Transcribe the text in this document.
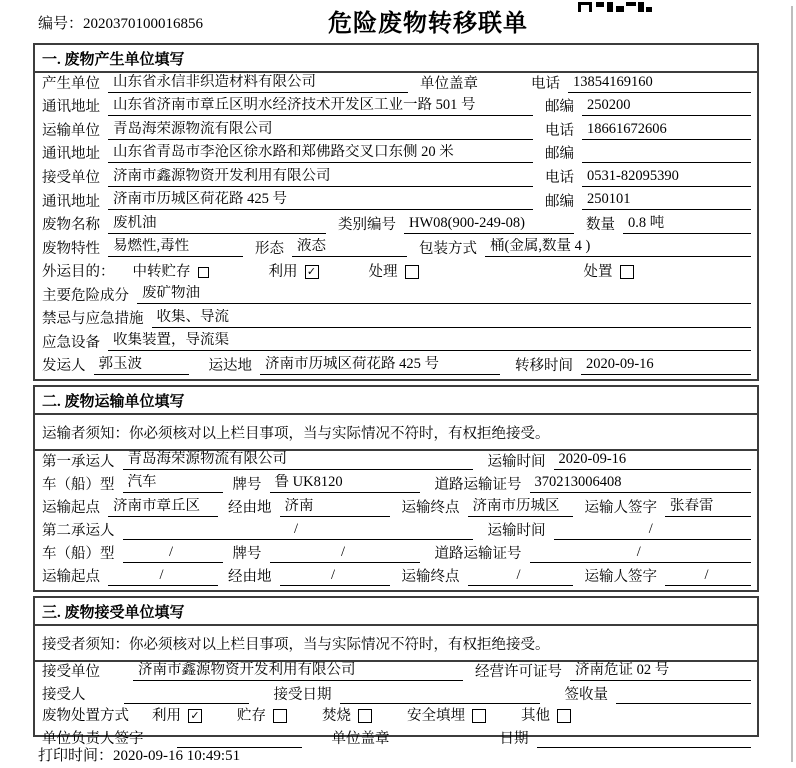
编号：2020370100016856	危险废物转移联单
一. 废物产生单位填写
产生单位 山东省永信非织造材料有限公司	单位盖章	电话 13854169160
通讯地址 山东省济南市章丘区明水经济技术开发区工业一路 501 号	邮编 250200
运输单位 青岛海荣源物流有限公司	电话 18661672606
通讯地址 山东省青岛市李沧区徐水路和郑佛路交叉口东侧 20 米	邮编
接受单位 济南市鑫源物资开发利用有限公司	电话 0531-82095390
通讯地址 济南市历城区荷花路 425 号	邮编 250101
废物名称 废机油	类别编号 HW08(900-249-08)	数量 0.8 吨
废物特性 易燃性,毒性	形态 液态	包装方式 桶(金属,数量 4 )
外运目的：	中转贮存	利用 ✓	处理	处置
主要危险成分 废矿物油
禁忌与应急措施 收集、导流
应急设备 收集装置，导流渠
发运人 郭玉波	运达地 济南市历城区荷花路 425 号	转移时间 2020-09-16
二. 废物运输单位填写
运输者须知：你必须核对以上栏目事项，当与实际情况不符时，有权拒绝接受。
第一承运人 青岛海荣源物流有限公司	运输时间 2020-09-16
车（船）型 汽车	牌号 鲁 UK8120	道路运输证号 370213006408
运输起点 济南市章丘区	经由地 济南	运输终点 济南市历城区	运输人签字 张春雷
第二承运人	/	运输时间	/
车（船）型	/	牌号	/	道路运输证号	/
运输起点	/	经由地	/	运输终点	/	运输人签字	/
三. 废物接受单位填写
接受者须知：你必须核对以上栏目事项，当与实际情况不符时，有权拒绝接受。
接受单位	济南市鑫源物资开发利用有限公司	经营许可证号 济南危证 02 号
接受人	接受日期	签收量
废物处置方式	利用 ✓	贮存	焚烧	安全填埋	其他
单位负责人签字	单位盖章	日期
打印时间：2020-09-16 10:49:51
